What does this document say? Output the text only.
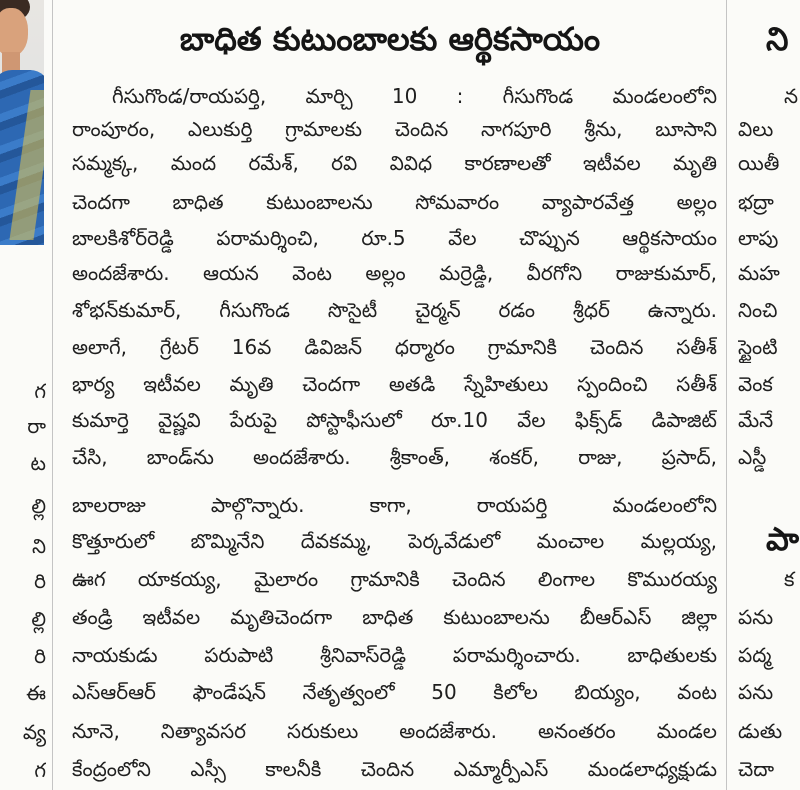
గ
రా
ట
ల్లి
ని
రి
ల్లి
రి
ఈ
వ్య
గ
బాధిత కుటుంబాలకు ఆర్థికసాయం
గీసుగొండ/రాయపర్తి, మార్చి 10 : గీసుగొండ మండలంలోని
రాంపూరం, ఎలుకుర్తి గ్రామాలకు చెందిన నాగపూరి శ్రీను, బూసాని
సమ్మక్క, మంద రమేశ్, రవి వివిధ కారణాలతో ఇటీవల మృతి
చెందగా బాధిత కుటుంబాలను సోమవారం వ్యాపారవేత్త అల్లం
బాలకిశోర్‌రెడ్డి పరామర్శించి, రూ.5 వేల చొప్పున ఆర్థికసాయం
అందజేశారు. ఆయన వెంట అల్లం మర్రెడ్డి, వీరగోని రాజుకుమార్,
శోభన్‌కుమార్, గీసుగొండ సొసైటీ చైర్మన్ రడం శ్రీధర్ ఉన్నారు.
అలాగే, గ్రేటర్ 16వ డివిజన్ ధర్మారం గ్రామానికి చెందిన సతీశ్
భార్య ఇటీవల మృతి చెందగా అతడి స్నేహితులు స్పందించి సతీశ్
కుమార్తె వైష్ణవి పేరుపై పోస్టాఫీసులో రూ.10 వేల ఫిక్స్‌డ్ డిపాజిట్
చేసి, బాండ్‌ను అందజేశారు. శ్రీకాంత్, శంకర్, రాజు, ప్రసాద్,
బాలరాజు పాల్గొన్నారు. కాగా, రాయపర్తి మండలంలోని
కొత్తూరులో బొమ్మినేని దేవకమ్మ, పెర్కవేడులో మంచాల మల్లయ్య,
ఊగ యాకయ్య, మైలారం గ్రామానికి చెందిన లింగాల కొమురయ్య
తండ్రి ఇటీవల మృతిచెందగా బాధిత కుటుంబాలను బీఆర్ఎస్ జిల్లా
నాయకుడు పరుపాటి శ్రీనివాస్‌రెడ్డి పరామర్శించారు. బాధితులకు
ఎస్ఆర్ఆర్ ఫౌండేషన్ నేతృత్వంలో 50 కిలోల బియ్యం, వంట
నూనె, నిత్యావసర సరుకులు అందజేశారు. అనంతరం మండల
కేంద్రంలోని ఎస్సీ కాలనీకి చెందిన ఎమ్మార్పీఎస్ మండలాధ్యక్షుడు
ని
న
విలు
యితీ
భద్రా
లాపు
మహ
నించి
స్టైంటి
వెంక
మేనే
ఎస్డీ
పా
క
పను
పద్మ
పను
డుతు
చెదా
